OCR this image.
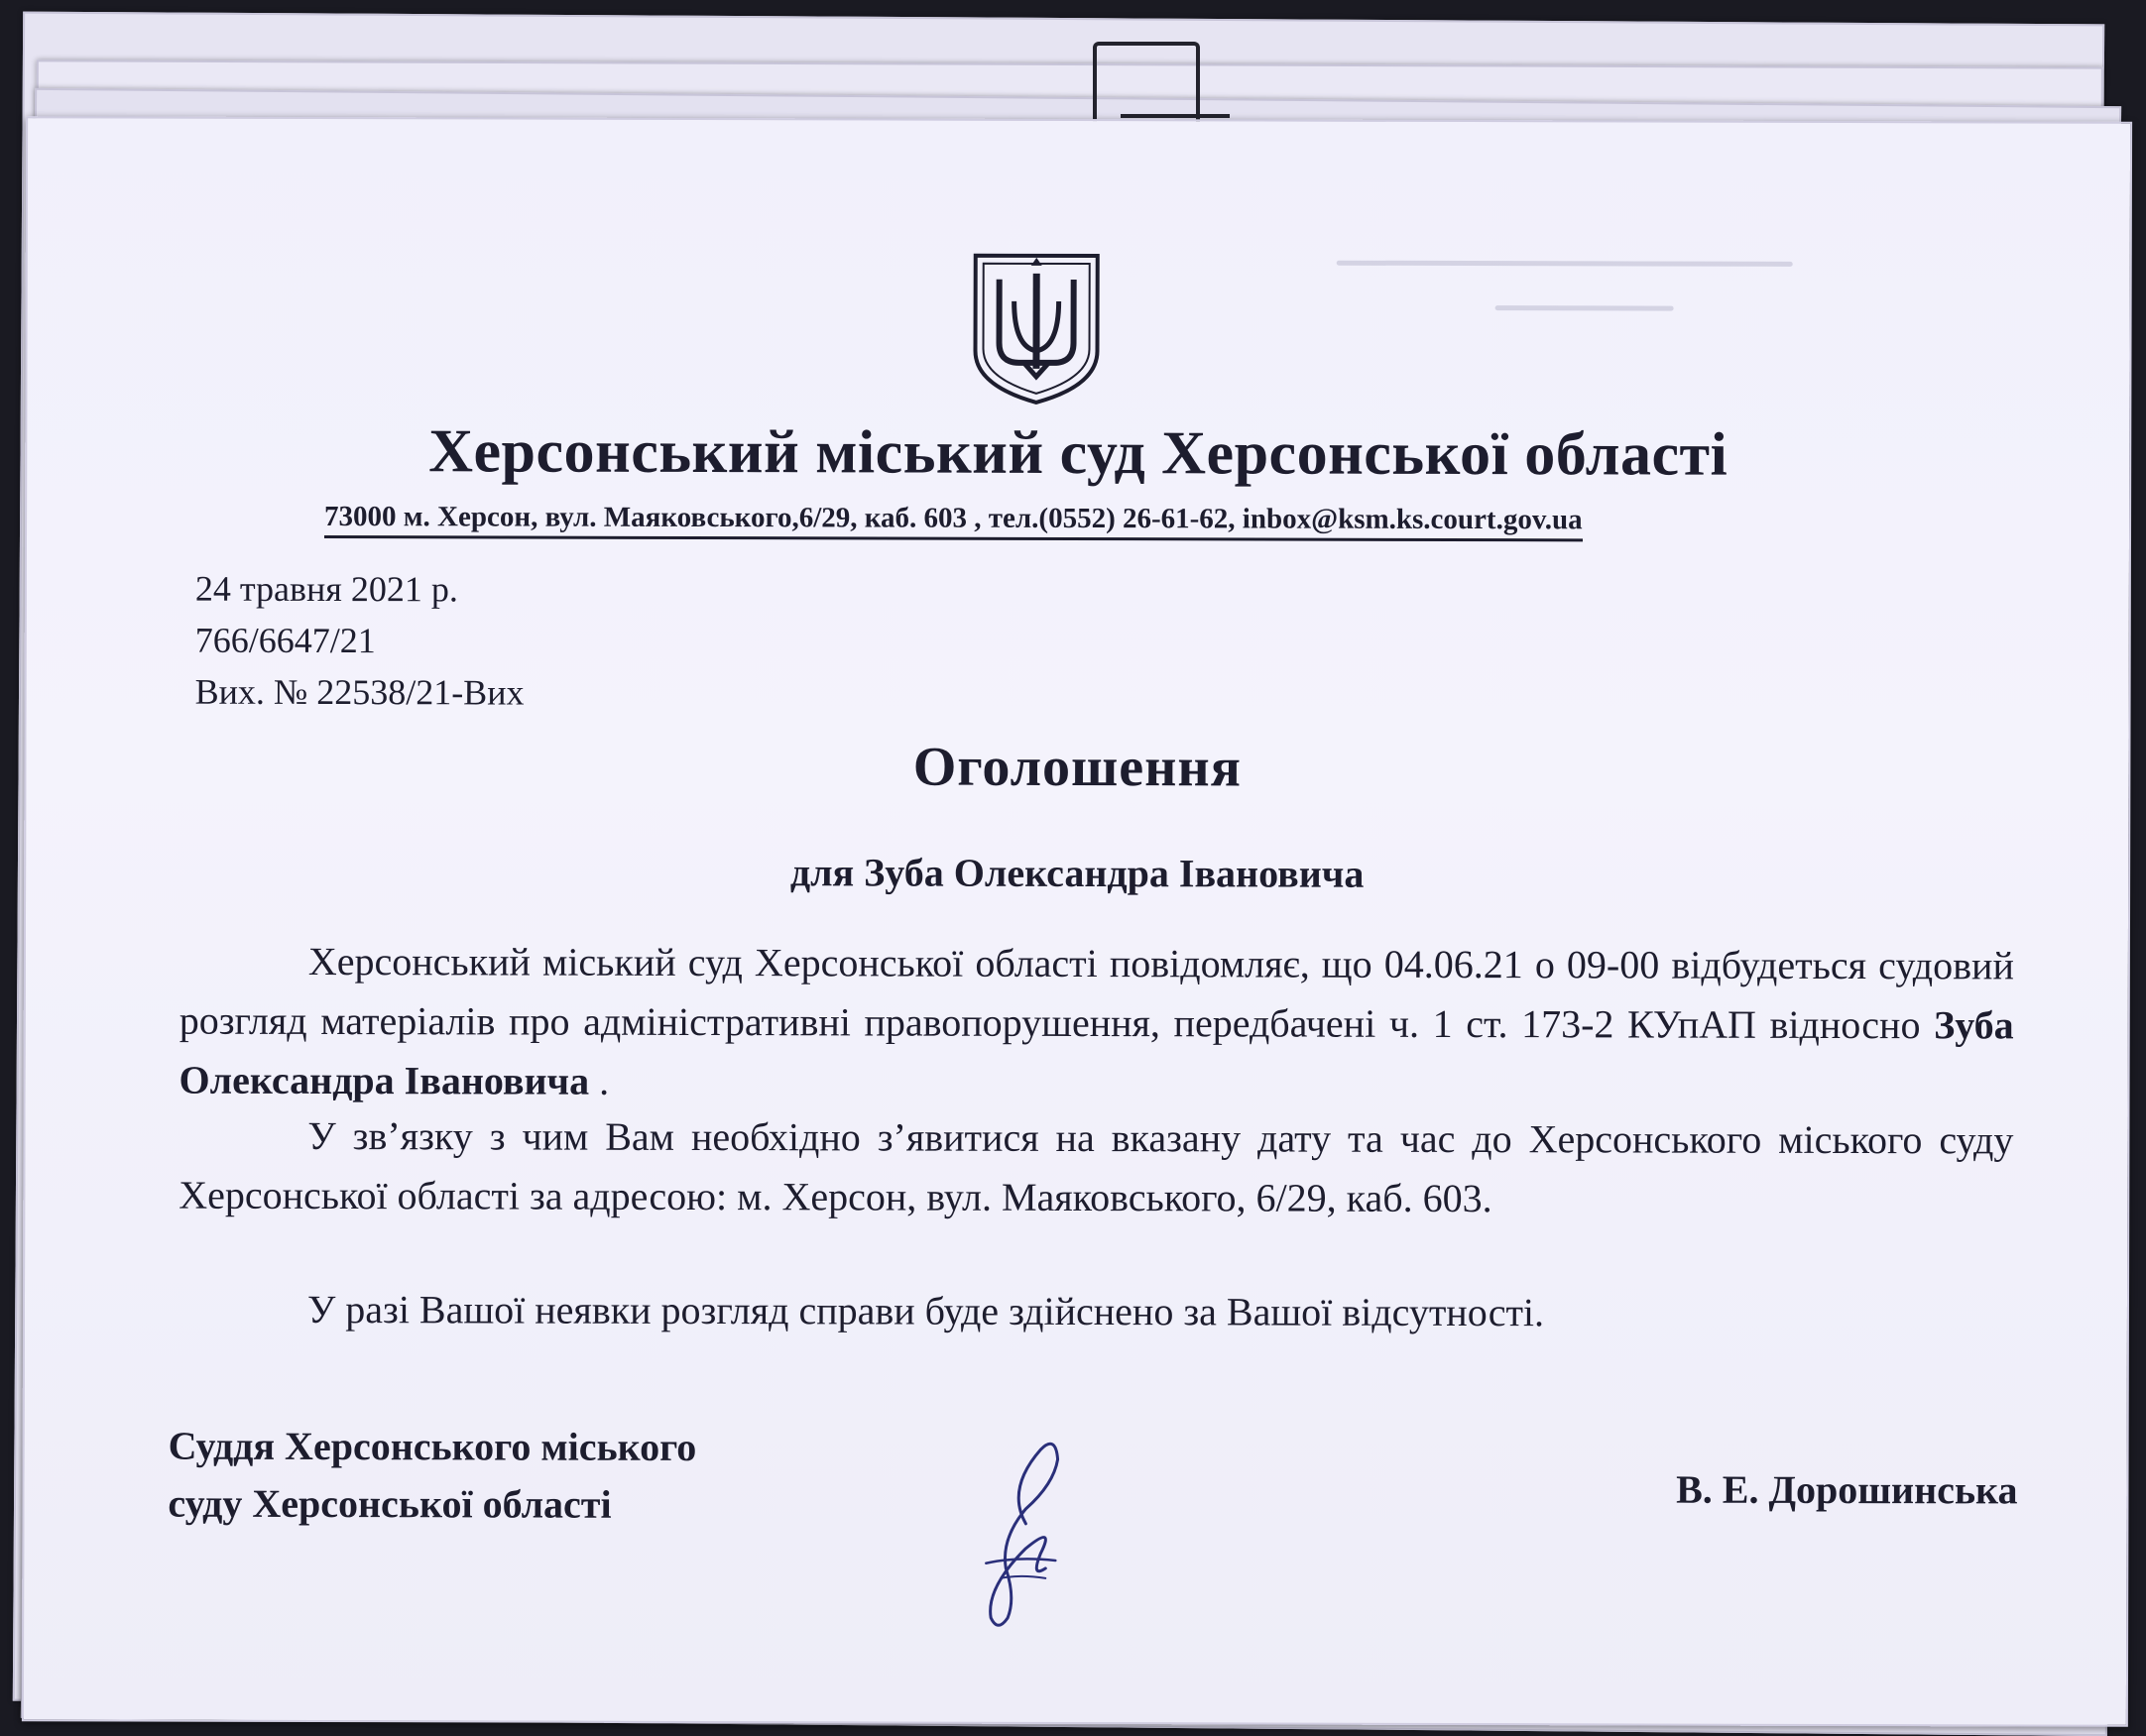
Херсонський міський суд Херсонської області
73000 м. Херсон, вул. Маяковського,6/29, каб. 603 , тел.(0552) 26-61-62, inbox@ksm.ks.court.gov.ua
24 травня 2021 р.
766/6647/21
Вих. № 22538/21-Вих
Оголошення
для Зуба Олександра Івановича

Херсонський міський суд Херсонської області повідомляє, що 04.06.21 о 09-00 відбудеться судовий розгляд матеріалів про адміністративні правопорушення, передбачені ч. 1 ст. 173-2 КУпАП відносно Зуба Олександра Івановича .

У зв’язку з чим Вам необхідно з’явитися на вказану дату та час до Херсонського міського суду Херсонської області за адресою: м. Херсон, вул. Маяковського, 6/29, каб. 603.

У разі Вашої неявки розгляд справи буде здійснено за Вашої відсутності.

Суддя Херсонського міського
суду Херсонської області	В. Е. Дорошинська
